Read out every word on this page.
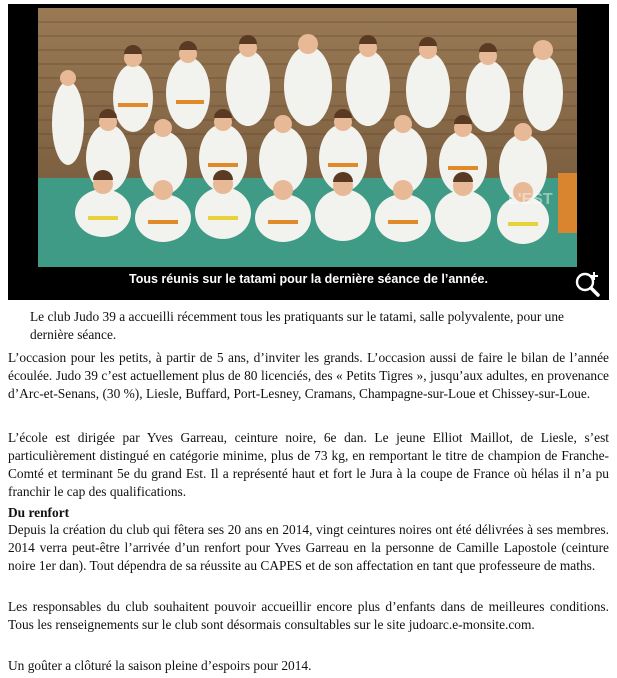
L'EST
Tous réunis sur le tatami pour la dernière séance de l’année.

Le club Judo 39 a accueilli récemment tous les pratiquants sur le tatami, salle polyvalente, pour une dernière séance.

L’occasion pour les petits, à partir de 5 ans, d’inviter les grands. L’occasion aussi de faire le bilan de l’année écoulée. Judo 39 c’est actuellement plus de 80 licenciés, des « Petits Tigres », jusqu’aux adultes, en provenance d’Arc-et-Senans, (30 %), Liesle, Buffard, Port-Lesney, Cramans, Champagne-sur-Loue et Chissey-sur-Loue.

L’école est dirigée par Yves Garreau, ceinture noire, 6e dan. Le jeune Elliot Maillot, de Liesle, s’est particulièrement distingué en catégorie minime, plus de 73 kg, en remportant le titre de champion de Franche-Comté et terminant 5e du grand Est. Il a représenté haut et fort le Jura à la coupe de France où hélas il n’a pu franchir le cap des qualifications.

Du renfort

Depuis la création du club qui fêtera ses 20 ans en 2014, vingt ceintures noires ont été délivrées à ses membres. 2014 verra peut-être l’arrivée d’un renfort pour Yves Garreau en la personne de Camille Lapostole (ceinture noire 1er dan). Tout dépendra de sa réussite au CAPES et de son affectation en tant que professeure de maths.

Les responsables du club souhaitent pouvoir accueillir encore plus d’enfants dans de meilleures conditions. Tous les renseignements sur le club sont désormais consultables sur le site judoarc.e-monsite.com.

Un goûter a clôturé la saison pleine d’espoirs pour 2014.
